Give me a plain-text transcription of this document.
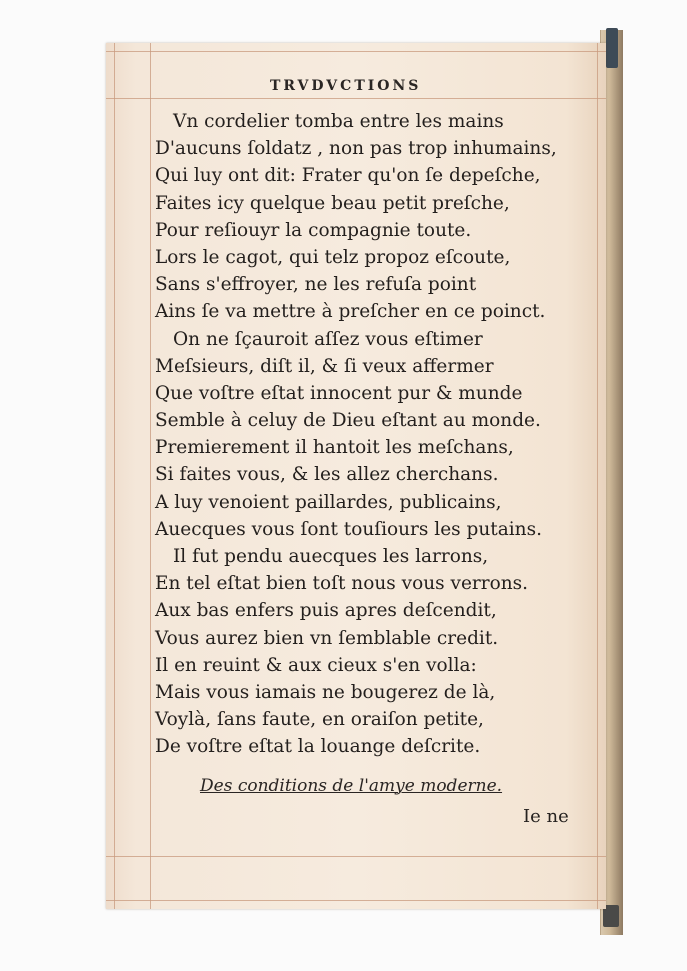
TRVDVCTIONS
Vn cordelier tomba entre les mains
D'aucuns ſoldatz , non pas trop inhumains,
Qui luy ont dit: Frater qu'on ſe depeſche,
Faites icy quelque beau petit preſche,
Pour reſiouyr la compagnie toute.
Lors le cagot, qui telz propoz eſcoute,
Sans s'effroyer, ne les refuſa point
Ains ſe va mettre à preſcher en ce poinct.
On ne ſçauroit aſſez vous eſtimer
Meſsieurs, diſt il, & ſi veux affermer
Que voſtre eſtat innocent pur & munde
Semble à celuy de Dieu eſtant au monde.
Premierement il hantoit les meſchans,
Si faites vous, & les allez cherchans.
A luy venoient paillardes, publicains,
Auecques vous ſont touſiours les putains.
Il fut pendu auecques les larrons,
En tel eſtat bien toſt nous vous verrons.
Aux bas enfers puis apres deſcendit,
Vous aurez bien vn ſemblable credit.
Il en reuint & aux cieux s'en volla:
Mais vous iamais ne bougerez de là,
Voylà, ſans faute, en oraiſon petite,
De voſtre eſtat la louange deſcrite.
Des conditions de l'amye moderne.
Ie ne
